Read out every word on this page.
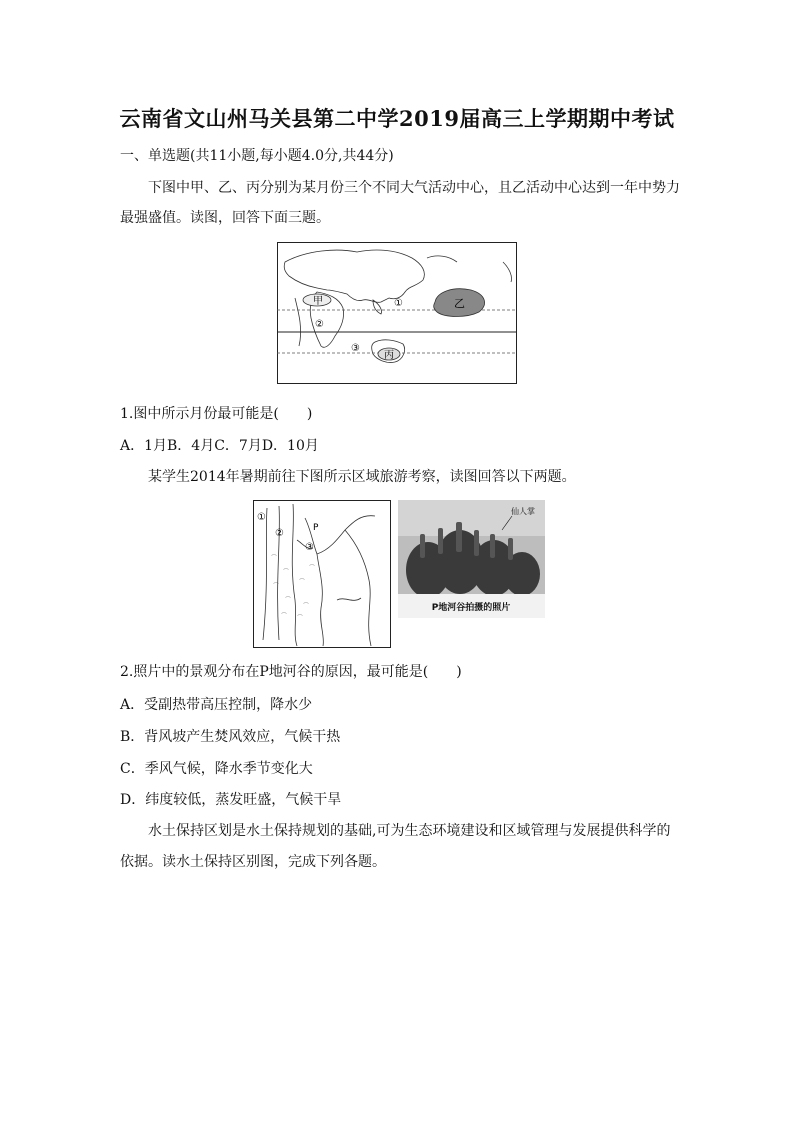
云南省文山州马关县第二中学2019届高三上学期期中考试
一、单选题(共11小题,每小题4.0分,共44分)
下图中甲、乙、丙分别为某月份三个不同大气活动中心，且乙活动中心达到一年中势力
最强盛值。读图，回答下面三题。
甲	乙
丙
①
②
③
1.图中所示月份最可能是(　　)
A．1月B．4月C．7月D．10月
某学生2014年暑期前往下图所示区域旅游考察，读图回答以下两题。
⌒
⌒
⌒
⌒
⌒
⌒
⌒
⌒
⌒
①
②
③
P
仙人掌
P地河谷拍摄的照片
2.照片中的景观分布在P地河谷的原因，最可能是(　　)
A．受副热带高压控制，降水少
B．背风坡产生焚风效应，气候干热
C．季风气候，降水季节变化大
D．纬度较低，蒸发旺盛，气候干旱
水土保持区划是水土保持规划的基础,可为生态环境建设和区域管理与发展提供科学的
依据。读水土保持区别图，完成下列各题。
